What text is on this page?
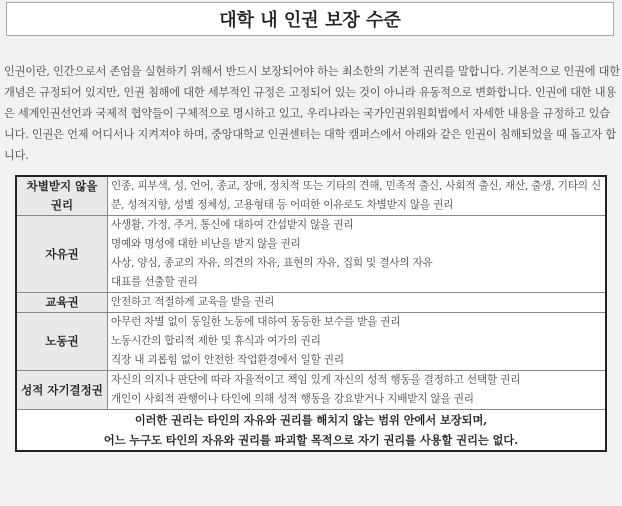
대학 내 인권 보장 수준

인권이란, 인간으로서 존엄을 실현하기 위해서 반드시 보장되어야 하는 최소한의 기본적 권리를 말합니다. 기본적으로 인권에 대한 개념은 규정되어 있지만, 인권 침해에 대한 세부적인 규정은 고정되어 있는 것이 아니라 유동적으로 변화합니다. 인권에 대한 내용은 세계인권선언과 국제적 협약들이 구체적으로 명시하고 있고, 우리나라는 국가인권위원회법에서 자세한 내용을 규정하고 있습니다. 인권은 언제 어디서나 지켜져야 하며, 중앙대학교 인권센터는 대학 캠퍼스에서 아래와 같은 인권이 침해되었을 때 돕고자 합니다.

차별받지 않을 권리	인종, 피부색, 성, 언어, 종교, 장애, 정치적 또는 기타의 견해, 민족적 출신, 사회적 출신, 재산, 출생, 기타의 신분, 성적지향, 성별 정체성, 고용형태 등 어떠한 이유로도 차별받지 않을 권리

자유권	사생활, 가정, 주거, 통신에 대하여 간섭받지 않을 권리
명예와 명성에 대한 비난을 받지 않을 권리
사상, 양심, 종교의 자유, 의견의 자유, 표현의 자유, 집회 및 결사의 자유
대표를 선출할 권리

교육권	안전하고 적절하게 교육을 받을 권리

노동권	아무런 차별 없이 동일한 노동에 대하여 동등한 보수를 받을 권리
노동시간의 합리적 제한 및 휴식과 여가의 권리
직장 내 괴롭힘 없이 안전한 작업환경에서 일할 권리

성적 자기결정권	자신의 의지나 판단에 따라 자율적이고 책임 있게 자신의 성적 행동을 결정하고 선택할 권리
개인이 사회적 관행이나 타인에 의해 성적 행동을 강요받거나 지배받지 않을 권리

이러한 권리는 타인의 자유와 권리를 해치지 않는 범위 안에서 보장되며,
어느 누구도 타인의 자유와 권리를 파괴할 목적으로 자기 권리를 사용할 권리는 없다.	
